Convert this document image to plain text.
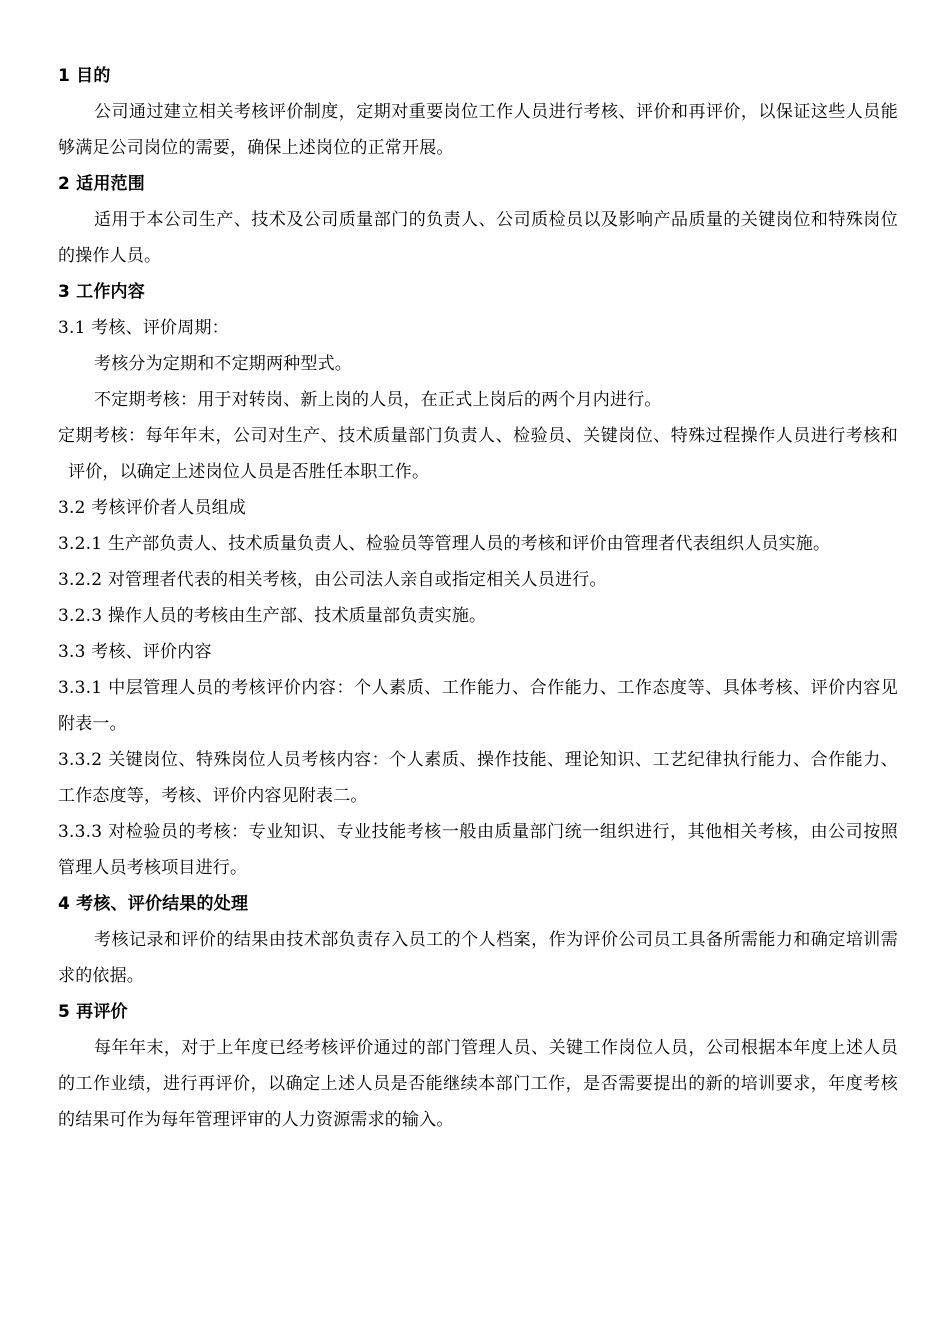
1 目的

公司通过建立相关考核评价制度，定期对重要岗位工作人员进行考核、评价和再评价，以保证这些人员能够满足公司岗位的需要，确保上述岗位的正常开展。

2 适用范围

适用于本公司生产、技术及公司质量部门的负责人、公司质检员以及影响产品质量的关键岗位和特殊岗位的操作人员。

3 工作内容

3.1 考核、评价周期：

考核分为定期和不定期两种型式。

不定期考核：用于对转岗、新上岗的人员，在正式上岗后的两个月内进行。

定期考核：每年年末，公司对生产、技术质量部门负责人、检验员、关键岗位、特殊过程操作人员进行考核和评价，以确定上述岗位人员是否胜任本职工作。

3.2 考核评价者人员组成

3.2.1 生产部负责人、技术质量负责人、检验员等管理人员的考核和评价由管理者代表组织人员实施。

3.2.2 对管理者代表的相关考核，由公司法人亲自或指定相关人员进行。

3.2.3 操作人员的考核由生产部、技术质量部负责实施。

3.3 考核、评价内容

3.3.1 中层管理人员的考核评价内容：个人素质、工作能力、合作能力、工作态度等、具体考核、评价内容见附表一。

3.3.2 关键岗位、特殊岗位人员考核内容：个人素质、操作技能、理论知识、工艺纪律执行能力、合作能力、工作态度等，考核、评价内容见附表二。

3.3.3 对检验员的考核：专业知识、专业技能考核一般由质量部门统一组织进行，其他相关考核，由公司按照管理人员考核项目进行。

4 考核、评价结果的处理

考核记录和评价的结果由技术部负责存入员工的个人档案，作为评价公司员工具备所需能力和确定培训需求的依据。

5 再评价

每年年末，对于上年度已经考核评价通过的部门管理人员、关键工作岗位人员，公司根据本年度上述人员的工作业绩，进行再评价，以确定上述人员是否能继续本部门工作，是否需要提出的新的培训要求，年度考核的结果可作为每年管理评审的人力资源需求的输入。
